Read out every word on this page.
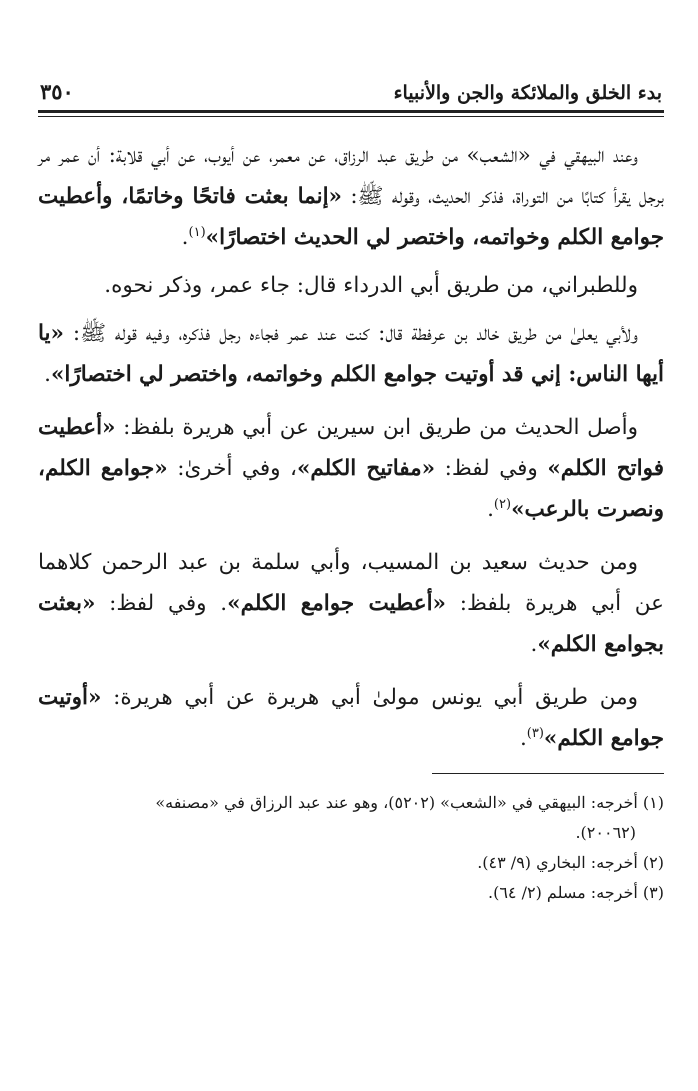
بدء الخلق والملائكة والجن والأنبياء
٣٥٠

وعند البيهقي في «الشعب» من طريق عبد الرزاق، عن معمر، عن أيوب، عن أبي قلابة: أن عمر مر برجل يقرأ كتابًا من التوراة، فذكر الحديث، وقوله ﷺ: «إنما بعثت فاتحًا وخاتمًا، وأعطيت جوامع الكلم وخواتمه، واختصر لي الحديث اختصارًا»$^{(١)}$.

وللطبراني، من طريق أبي الدرداء قال: جاء عمر، وذكر نحوه.

ولأبي يعلىٰ من طريق خالد بن عرفطة قال: كنت عند عمر فجاءه رجل فذكره، وفيه قوله ﷺ: «يا أيها الناس: إني قد أوتيت جوامع الكلم وخواتمه، واختصر لي اختصارًا».

وأصل الحديث من طريق ابن سيرين عن أبي هريرة بلفظ: «أعطيت فواتح الكلم» وفي لفظ: «مفاتيح الكلم»، وفي أخرىٰ: «جوامع الكلم، ونصرت بالرعب»$^{(٢)}$.

ومن حديث سعيد بن المسيب، وأبي سلمة بن عبد الرحمن كلاهما عن أبي هريرة بلفظ: «أعطيت جوامع الكلم». وفي لفظ: «بعثت بجوامع الكلم».

ومن طريق أبي يونس مولىٰ أبي هريرة عن أبي هريرة: «أوتيت جوامع الكلم»$^{(٣)}$.

(١) أخرجه: البيهقي في «الشعب» (٥٢٠٢)، وهو عند عبد الرزاق في «مصنفه»
(٢٠٠٦٢).
(٢) أخرجه: البخاري (٩/ ٤٣).
(٣) أخرجه: مسلم (٢/ ٦٤).
